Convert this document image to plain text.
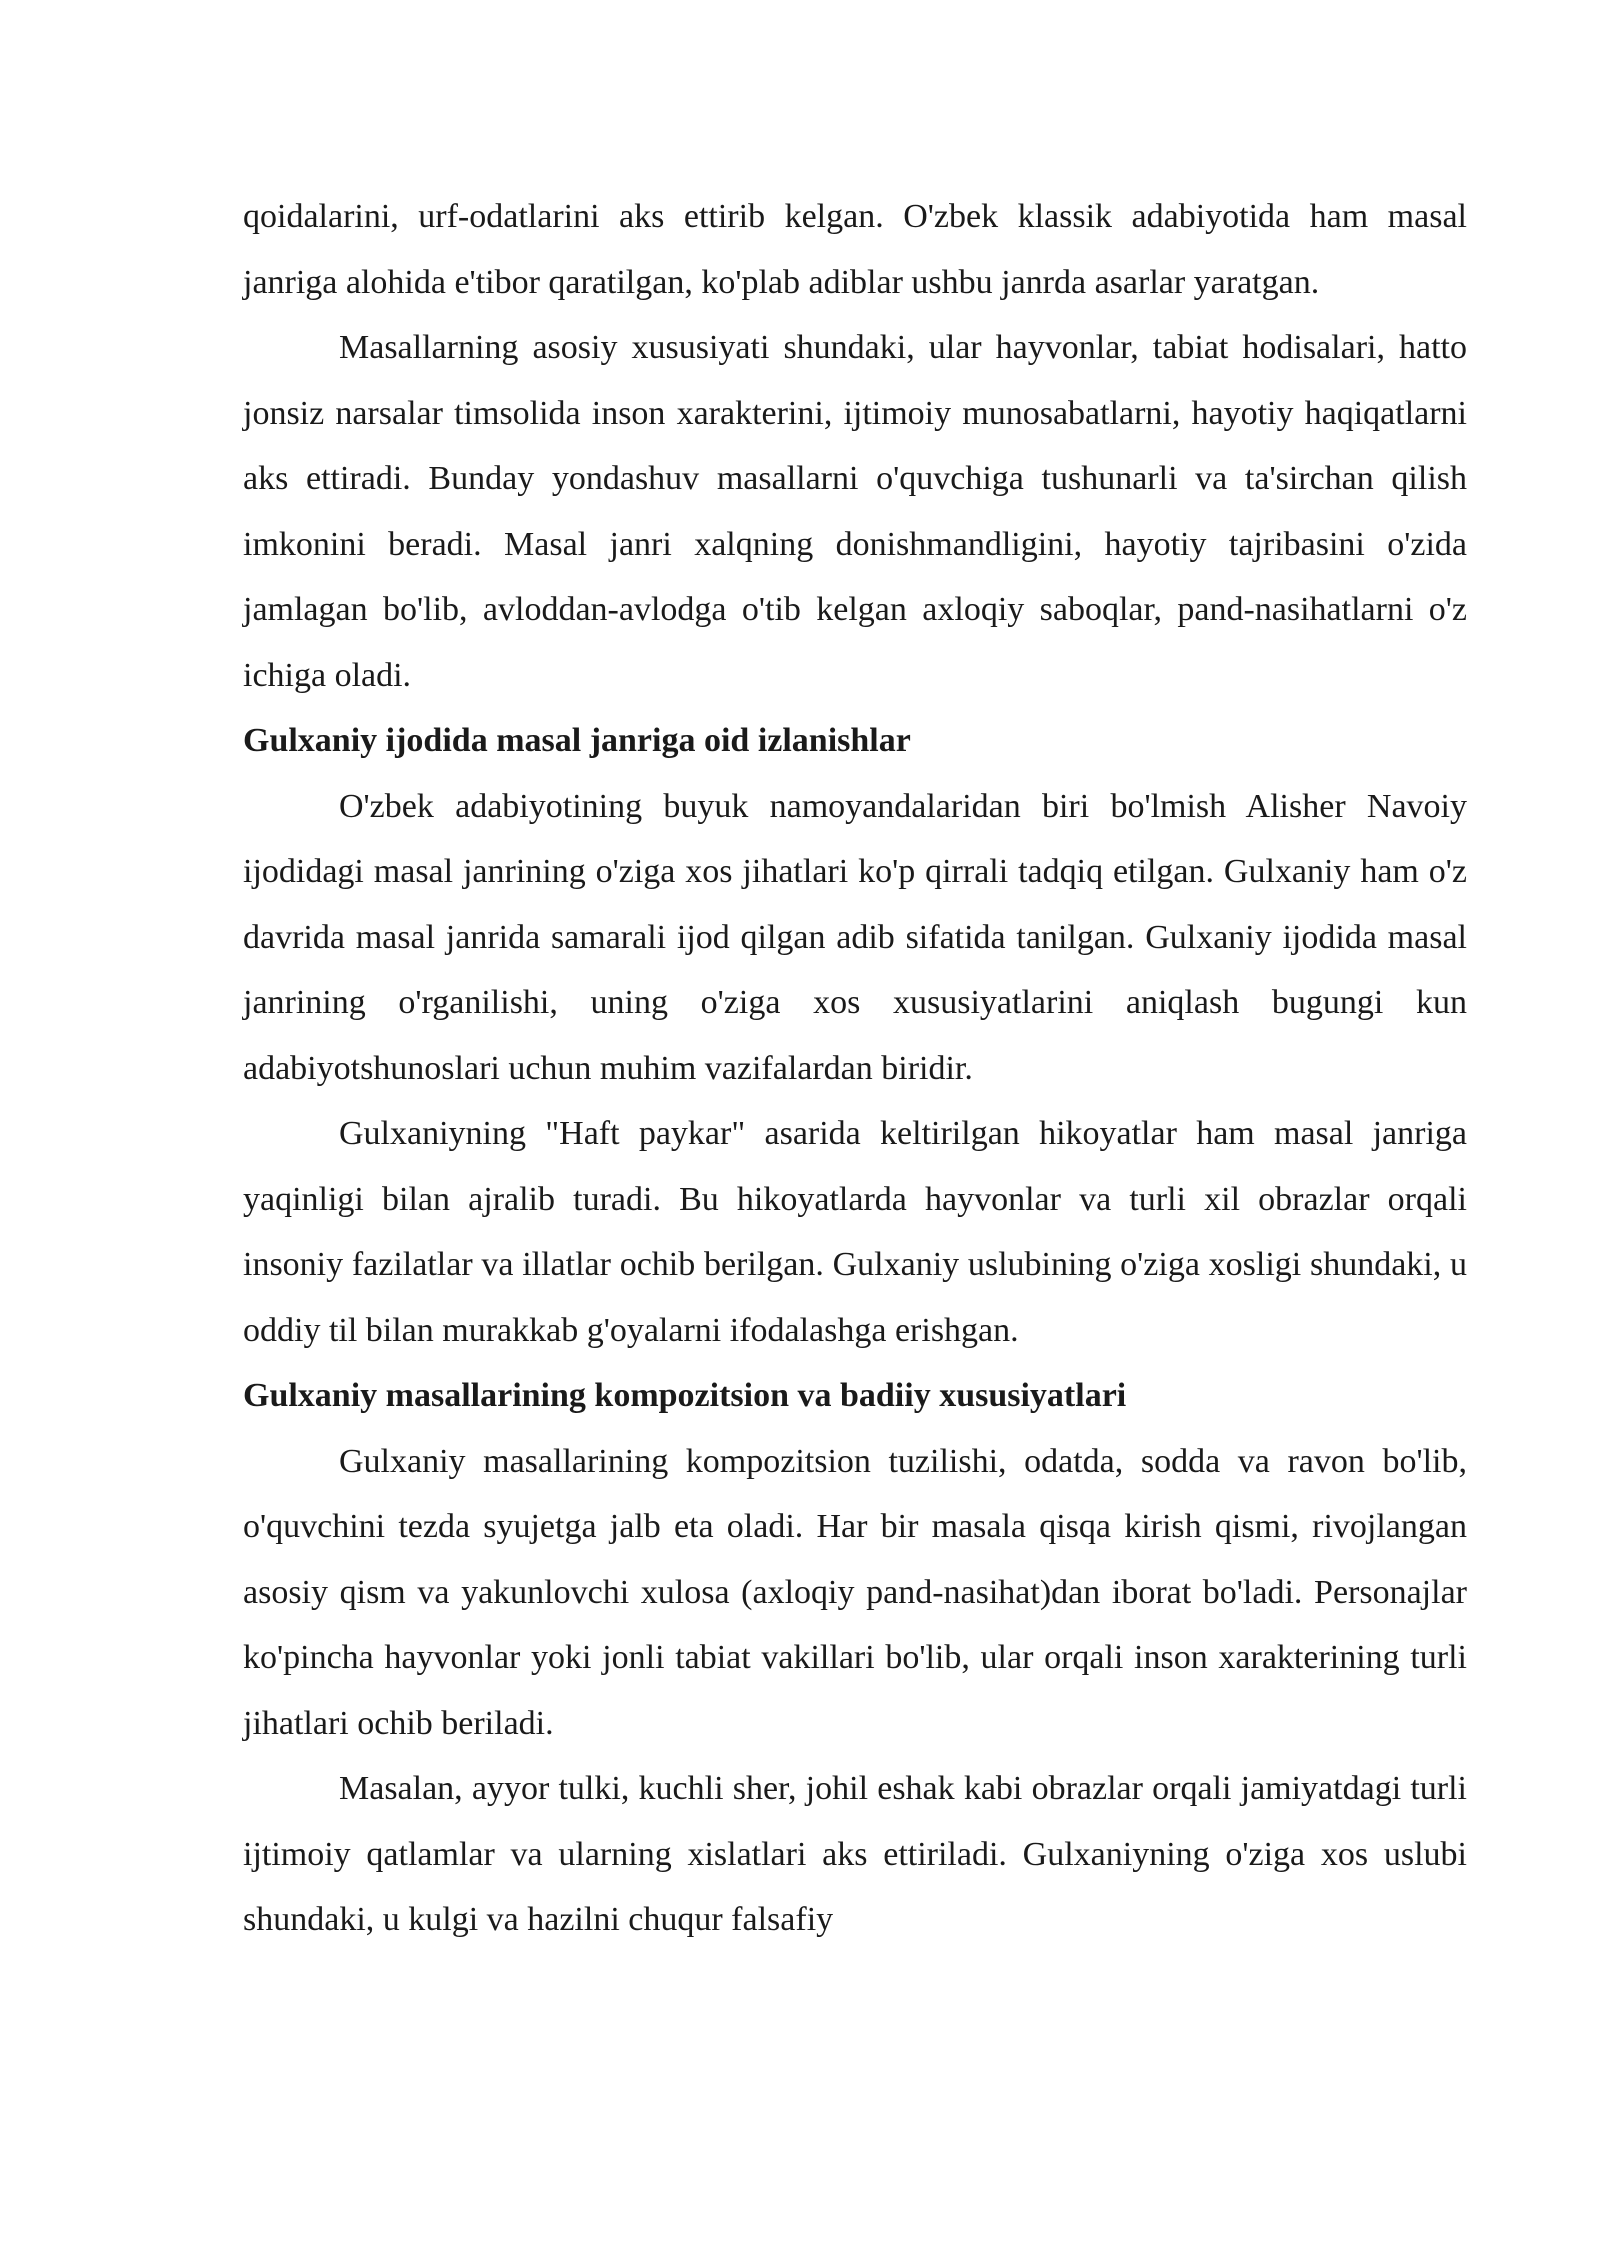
qoidalarini, urf-odatlarini aks ettirib kelgan. O'zbek klassik adabiyotida ham masal janriga alohida e'tibor qaratilgan, ko'plab adiblar ushbu janrda asarlar yaratgan.

Masallarning asosiy xususiyati shundaki, ular hayvonlar, tabiat hodisalari, hatto jonsiz narsalar timsolida inson xarakterini, ijtimoiy munosabatlarni, hayotiy haqiqatlarni aks ettiradi. Bunday yondashuv masallarni o'quvchiga tushunarli va ta'sirchan qilish imkonini beradi. Masal janri xalqning donishmandligini, hayotiy tajribasini o'zida jamlagan bo'lib, avloddan-avlodga o'tib kelgan axloqiy saboqlar, pand-nasihatlarni o'z ichiga oladi.

Gulxaniy ijodida masal janriga oid izlanishlar

O'zbek adabiyotining buyuk namoyandalaridan biri bo'lmish Alisher Navoiy ijodidagi masal janrining o'ziga xos jihatlari ko'p qirrali tadqiq etilgan. Gulxaniy ham o'z davrida masal janrida samarali ijod qilgan adib sifatida tanilgan. Gulxaniy ijodida masal janrining o'rganilishi, uning o'ziga xos xususiyatlarini aniqlash bugungi kun adabiyotshunoslari uchun muhim vazifalardan biridir.

Gulxaniyning "Haft paykar" asarida keltirilgan hikoyatlar ham masal janriga yaqinligi bilan ajralib turadi. Bu hikoyatlarda hayvonlar va turli xil obrazlar orqali insoniy fazilatlar va illatlar ochib berilgan. Gulxaniy uslubining o'ziga xosligi shundaki, u oddiy til bilan murakkab g'oyalarni ifodalashga erishgan.

Gulxaniy masallarining kompozitsion va badiiy xususiyatlari

Gulxaniy masallarining kompozitsion tuzilishi, odatda, sodda va ravon bo'lib, o'quvchini tezda syujetga jalb eta oladi. Har bir masala qisqa kirish qismi, rivojlangan asosiy qism va yakunlovchi xulosa (axloqiy pand-nasihat)dan iborat bo'ladi. Personajlar ko'pincha hayvonlar yoki jonli tabiat vakillari bo'lib, ular orqali inson xarakterining turli jihatlari ochib beriladi.

Masalan, ayyor tulki, kuchli sher, johil eshak kabi obrazlar orqali jamiyatdagi turli ijtimoiy qatlamlar va ularning xislatlari aks ettiriladi. Gulxaniyning o'ziga xos uslubi shundaki, u kulgi va hazilni chuqur falsafiy
